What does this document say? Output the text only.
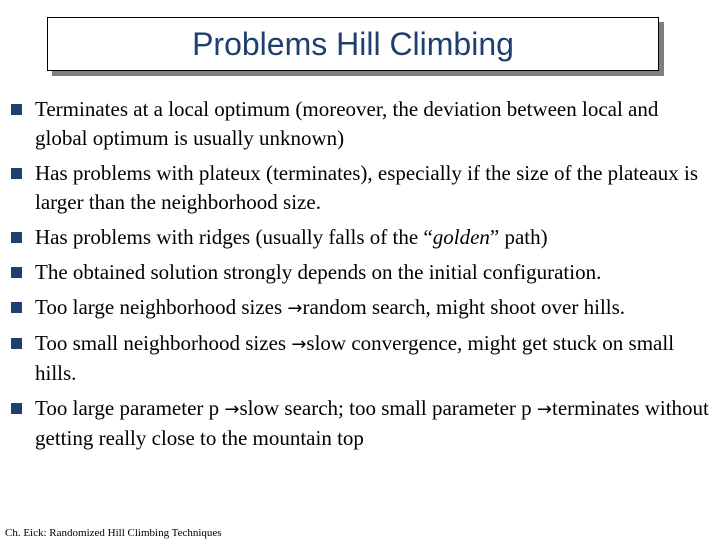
Problems Hill Climbing
Terminates at a local optimum (moreover, the deviation between local and global optimum is usually unknown)
Has problems with plateux (terminates), especially if the size of the plateaux is larger than the neighborhood size.
Has problems with ridges (usually falls of the “golden” path)
The obtained solution strongly depends on the initial configuration.
Too large neighborhood sizes →random search, might shoot over hills.
Too small neighborhood sizes →slow convergence, might get stuck on small hills.
Too large parameter p →slow search; too small parameter p →terminates without getting really close to the mountain top
Ch. Eick: Randomized Hill Climbing Techniques
